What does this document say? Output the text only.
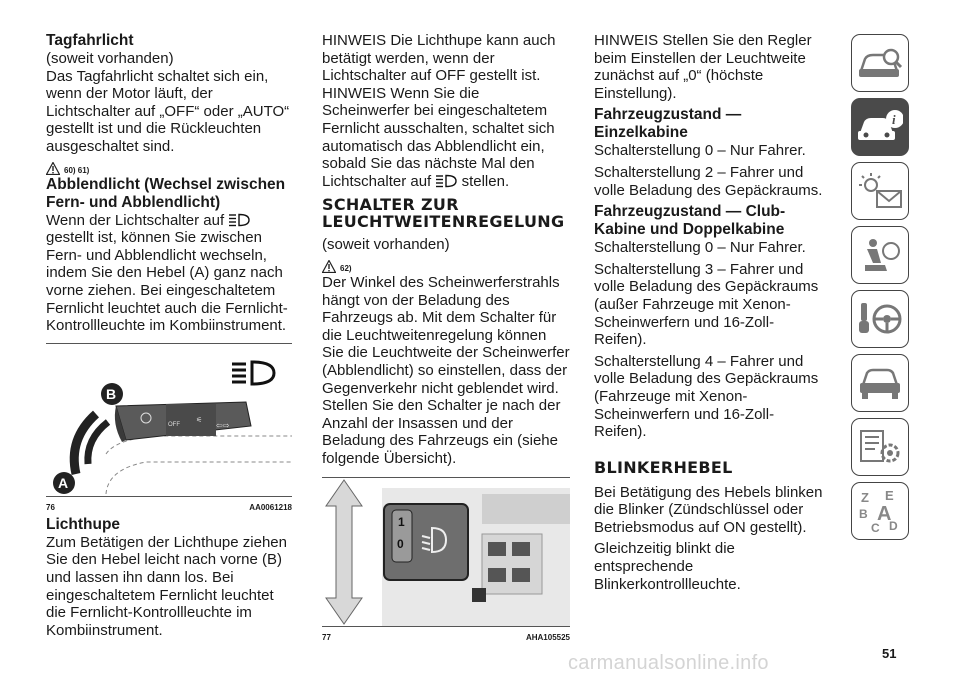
Tagfahrlicht

(soweit vorhanden)

Das Tagfahrlicht schaltet sich ein, wenn der Motor läuft, der Lichtschalter auf „OFF“ oder „AUTO“ gestellt ist und die Rückleuchten ausgeschaltet sind.

60) 61)

Abblendlicht (Wechsel zwischen Fern- und Abblendlicht)

Wenn der Lichtschalter auf  gestellt ist, können Sie zwischen Fern- und Abblendlicht wechseln, indem Sie den Hebel (A) ganz nach vorne ziehen. Bei eingeschaltetem Fernlicht leuchtet auch die Fernlicht-Kontrollleuchte im Kombiinstrument.

⚟
⇦⇨
B
A
OFF
76	AA0061218

Lichthupe

Zum Betätigen der Lichthupe ziehen Sie den Hebel leicht nach vorne (B) und lassen ihn dann los. Bei eingeschaltetem Fernlicht leuchtet die Fernlicht-Kontrollleuchte im Kombiinstrument.

HINWEIS Die Lichthupe kann auch betätigt werden, wenn der Lichtschalter auf OFF gestellt ist.

HINWEIS Wenn Sie die Scheinwerfer bei eingeschaltetem Fernlicht ausschalten, schaltet sich automatisch das Abblendlicht ein, sobald Sie das nächste Mal den Lichtschalter auf stellen.

SCHALTER ZUR
LEUCHTWEITENREGELUNG

(soweit vorhanden)

62)

Der Winkel des Scheinwerferstrahls hängt von der Beladung des Fahrzeugs ab. Mit dem Schalter für die Leuchtweitenregelung können Sie die Leuchtweite der Scheinwerfer (Abblendlicht) so einstellen, dass der Gegenverkehr nicht geblendet wird. Stellen Sie den Schalter je nach der Anzahl der Insassen und der Beladung des Fahrzeugs ein (siehe folgende Übersicht).

1
0
77	AHA105525

HINWEIS Stellen Sie den Regler beim Einstellen der Leuchtweite zunächst auf „0“ (höchste Einstellung).

Fahrzeugzustand — Einzelkabine

Schalterstellung 0 – Nur Fahrer.

Schalterstellung 2 – Fahrer und volle Beladung des Gepäckraums.

Fahrzeugzustand — Club-Kabine und Doppelkabine

Schalterstellung 0 – Nur Fahrer.

Schalterstellung 3 – Fahrer und volle Beladung des Gepäckraums (außer Fahrzeuge mit Xenon-Scheinwerfern und 16-Zoll-Reifen).

Schalterstellung 4 – Fahrer und volle Beladung des Gepäckraums (Fahrzeuge mit Xenon-Scheinwerfern und 16-Zoll-Reifen).

BLINKERHEBEL

Bei Betätigung des Hebels blinken die Blinker (Zündschlüssel oder Betriebsmodus auf ON gestellt).

Gleichzeitig blinkt die entsprechende Blinkerkontrollleuchte.

i
Z E
B A
C D
51
carmanualsonline.info
